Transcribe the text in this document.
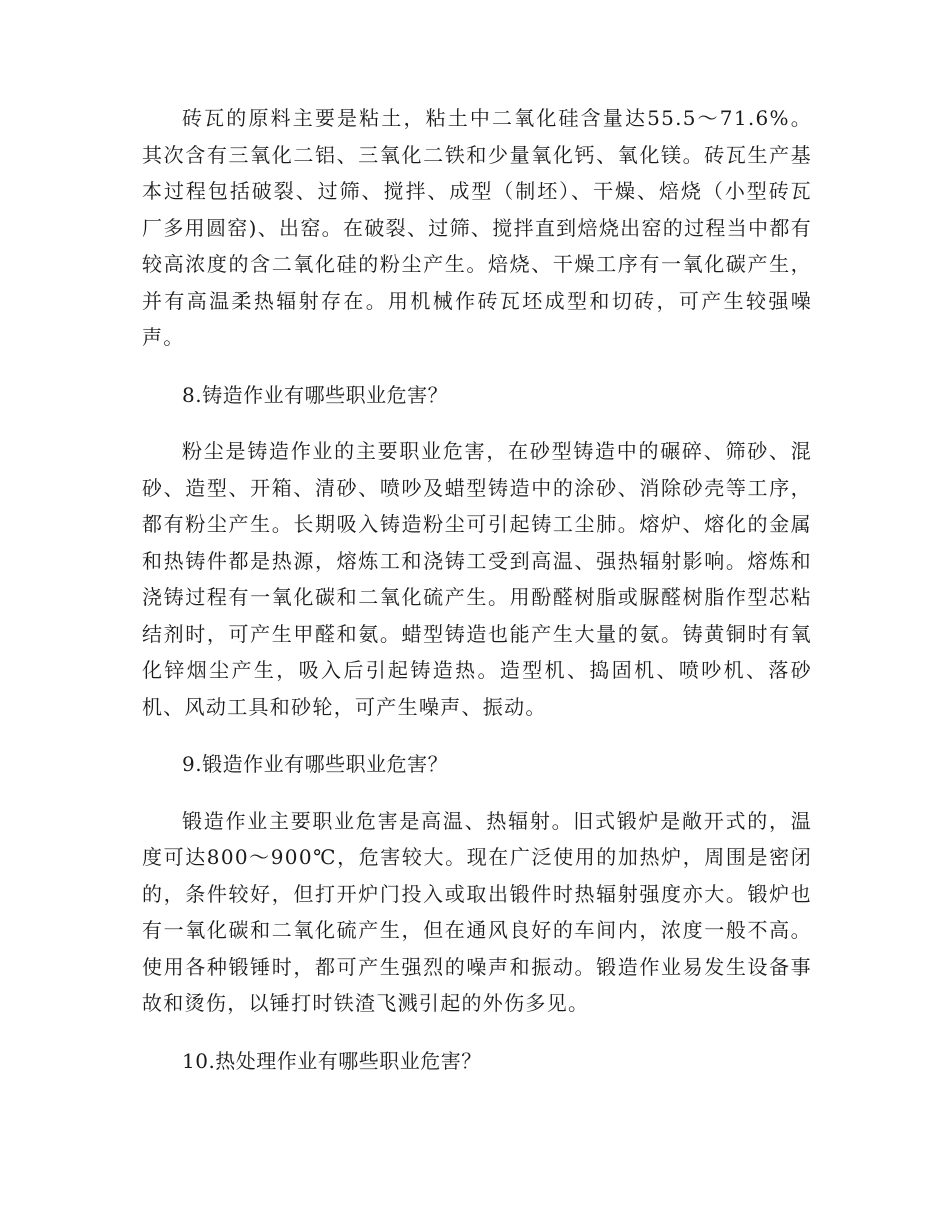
砖瓦的原料主要是粘土，粘土中二氧化硅含量达55.5～71.6%。其次含有三氧化二铝、三氧化二铁和少量氧化钙、氧化镁。砖瓦生产基本过程包括破裂、过筛、搅拌、成型（制坯）、干燥、焙烧（小型砖瓦厂多用圆窑)、出窑。在破裂、过筛、搅拌直到焙烧出窑的过程当中都有较高浓度的含二氧化硅的粉尘产生。焙烧、干燥工序有一氧化碳产生，并有高温柔热辐射存在。用机械作砖瓦坯成型和切砖，可产生较强噪声。

8.铸造作业有哪些职业危害？

粉尘是铸造作业的主要职业危害，在砂型铸造中的碾碎、筛砂、混砂、造型、开箱、清砂、喷吵及蜡型铸造中的涂砂、消除砂壳等工序，都有粉尘产生。长期吸入铸造粉尘可引起铸工尘肺。熔炉、熔化的金属和热铸件都是热源，熔炼工和浇铸工受到高温、强热辐射影响。熔炼和浇铸过程有一氧化碳和二氧化硫产生。用酚醛树脂或脲醛树脂作型芯粘结剂时，可产生甲醛和氨。蜡型铸造也能产生大量的氨。铸黄铜时有氧化锌烟尘产生，吸入后引起铸造热。造型机、捣固机、喷吵机、落砂机、风动工具和砂轮，可产生噪声、振动。

9.锻造作业有哪些职业危害？

锻造作业主要职业危害是高温、热辐射。旧式锻炉是敞开式的，温度可达800～900℃，危害较大。现在广泛使用的加热炉，周围是密闭的，条件较好，但打开炉门投入或取出锻件时热辐射强度亦大。锻炉也有一氧化碳和二氧化硫产生，但在通风良好的车间内，浓度一般不高。使用各种锻锤时，都可产生强烈的噪声和振动。锻造作业易发生设备事故和烫伤，以锤打时铁渣飞溅引起的外伤多见。

10.热处理作业有哪些职业危害？
